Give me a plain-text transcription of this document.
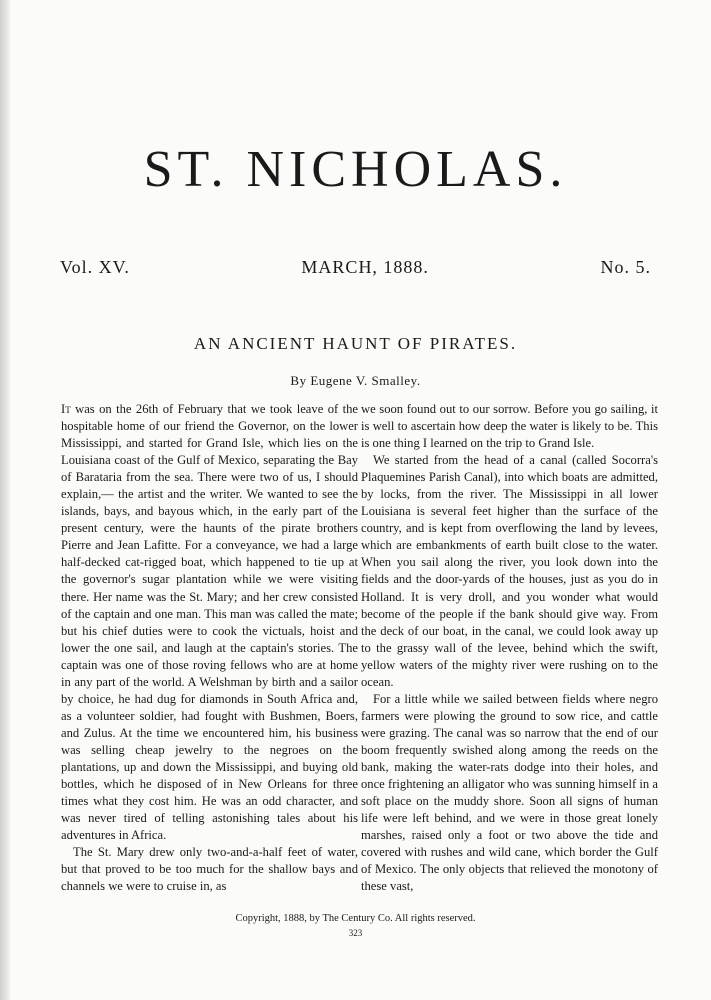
ST. NICHOLAS.
Vol. XV.	MARCH, 1888.	No. 5.
AN ANCIENT HAUNT OF PIRATES.
By Eugene V. Smalley.

It was on the 26th of February that we took leave of the hospitable home of our friend the Governor, on the lower Mississippi, and started for Grand Isle, which lies on the Louisiana coast of the Gulf of Mexico, separating the Bay of Barataria from the sea. There were two of us, I should explain,— the artist and the writer. We wanted to see the islands, bays, and bayous which, in the early part of the present century, were the haunts of the pirate brothers Pierre and Jean Lafitte. For a conveyance, we had a large half-decked cat-rigged boat, which happened to tie up at the governor's sugar plantation while we were visiting there. Her name was the St. Mary; and her crew consisted of the captain and one man. This man was called the mate; but his chief duties were to cook the victuals, hoist and lower the one sail, and laugh at the captain's stories. The captain was one of those roving fellows who are at home in any part of the world. A Welshman by birth and a sailor by choice, he had dug for diamonds in South Africa and, as a volunteer soldier, had fought with Bushmen, Boers, and Zulus. At the time we encountered him, his business was selling cheap jewelry to the negroes on the plantations, up and down the Mississippi, and buying old bottles, which he disposed of in New Orleans for three times what they cost him. He was an odd character, and was never tired of telling astonishing tales about his adventures in Africa.

The St. Mary drew only two-and-a-half feet of water, but that proved to be too much for the shallow bays and channels we were to cruise in, as

we soon found out to our sorrow. Before you go sailing, it is well to ascertain how deep the water is likely to be. This is one thing I learned on the trip to Grand Isle.

We started from the head of a canal (called Socorra's Plaquemines Parish Canal), into which boats are admitted, by locks, from the river. The Mississippi in all lower Louisiana is several feet higher than the surface of the country, and is kept from overflowing the land by levees, which are embankments of earth built close to the water. When you sail along the river, you look down into the fields and the door-yards of the houses, just as you do in Holland. It is very droll, and you wonder what would become of the people if the bank should give way. From the deck of our boat, in the canal, we could look away up to the grassy wall of the levee, behind which the swift, yellow waters of the mighty river were rushing on to the ocean.

For a little while we sailed between fields where negro farmers were plowing the ground to sow rice, and cattle were grazing. The canal was so narrow that the end of our boom frequently swished along among the reeds on the bank, making the water-rats dodge into their holes, and once frightening an alligator who was sunning himself in a soft place on the muddy shore. Soon all signs of human life were left behind, and we were in those great lonely marshes, raised only a foot or two above the tide and covered with rushes and wild cane, which border the Gulf of Mexico. The only objects that relieved the monotony of these vast,

Copyright, 1888, by The Century Co. All rights reserved.
323
